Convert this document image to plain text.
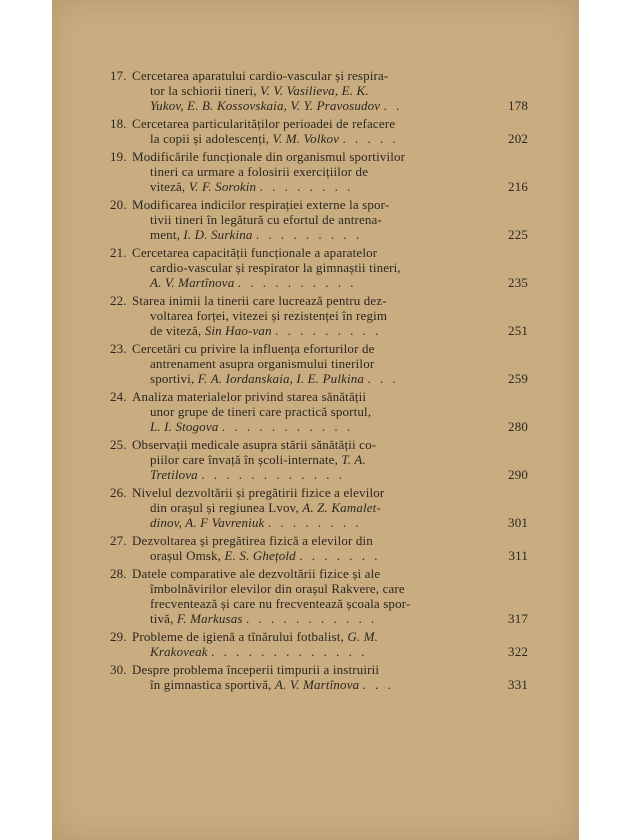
17. Cercetarea aparatului cardio-vascular și respira-
tor la schiorii tineri, V. V. Vasilieva, E. K.
Yukov, E. B. Kossovskaia, V. Y. Pravosudov . .	178
18. Cercetarea particularităților perioadei de refacere
la copii și adolescenți, V. M. Volkov . . . . .	202
19. Modificările funcționale din organismul sportivilor
tineri ca urmare a folosirii exercițiilor de
viteză, V. F. Sorokin . . . . . . . .	216
20. Modificarea indicilor respirației externe la spor-
tivii tineri în legătură cu efortul de antrena-
ment, I. D. Surkina . . . . . . . . .	225
21. Cercetarea capacității funcționale a aparatelor
cardio-vascular și respirator la gimnaștii tineri,
A. V. Martînova . . . . . . . . . .	235
22. Starea inimii la tinerii care lucrează pentru dez-
voltarea forței, vitezei și rezistenței în regim
de viteză, Sin Hao-van . . . . . . . . .	251
23. Cercetări cu privire la influența eforturilor de
antrenament asupra organismului tinerilor
sportivi, F. A. Iordanskaia, I. E. Pulkina . . .	259
24. Analiza materialelor privind starea sănătății
unor grupe de tineri care practică sportul,
L. I. Stogova . . . . . . . . . . .	280
25. Observații medicale asupra stării sănătății co-
piilor care învață în școli-internate, T. A.
Tretilova . . . . . . . . . . . .	290
26. Nivelul dezvoltării și pregătirii fizice a elevilor
din orașul și regiunea Lvov, A. Z. Kamalet-
dinov, A. F Vavreniuk . . . . . . . .	301
27. Dezvoltarea și pregătirea fizică a elevilor din
orașul Omsk, E. S. Ghețold . . . . . . .	311
28. Datele comparative ale dezvoltării fizice și ale
îmbolnăvirilor elevilor din orașul Rakvere, care
frecventează și care nu frecventează școala spor-
tivă, F. Markusas . . . . . . . . . . .	317
29. Probleme de igienă a tînărului fotbalist, G. M.
Krakoveak . . . . . . . . . . . . .	322
30. Despre problema începerii timpurii a instruirii
în gimnastica sportivă, A. V. Martînova . . .	331
